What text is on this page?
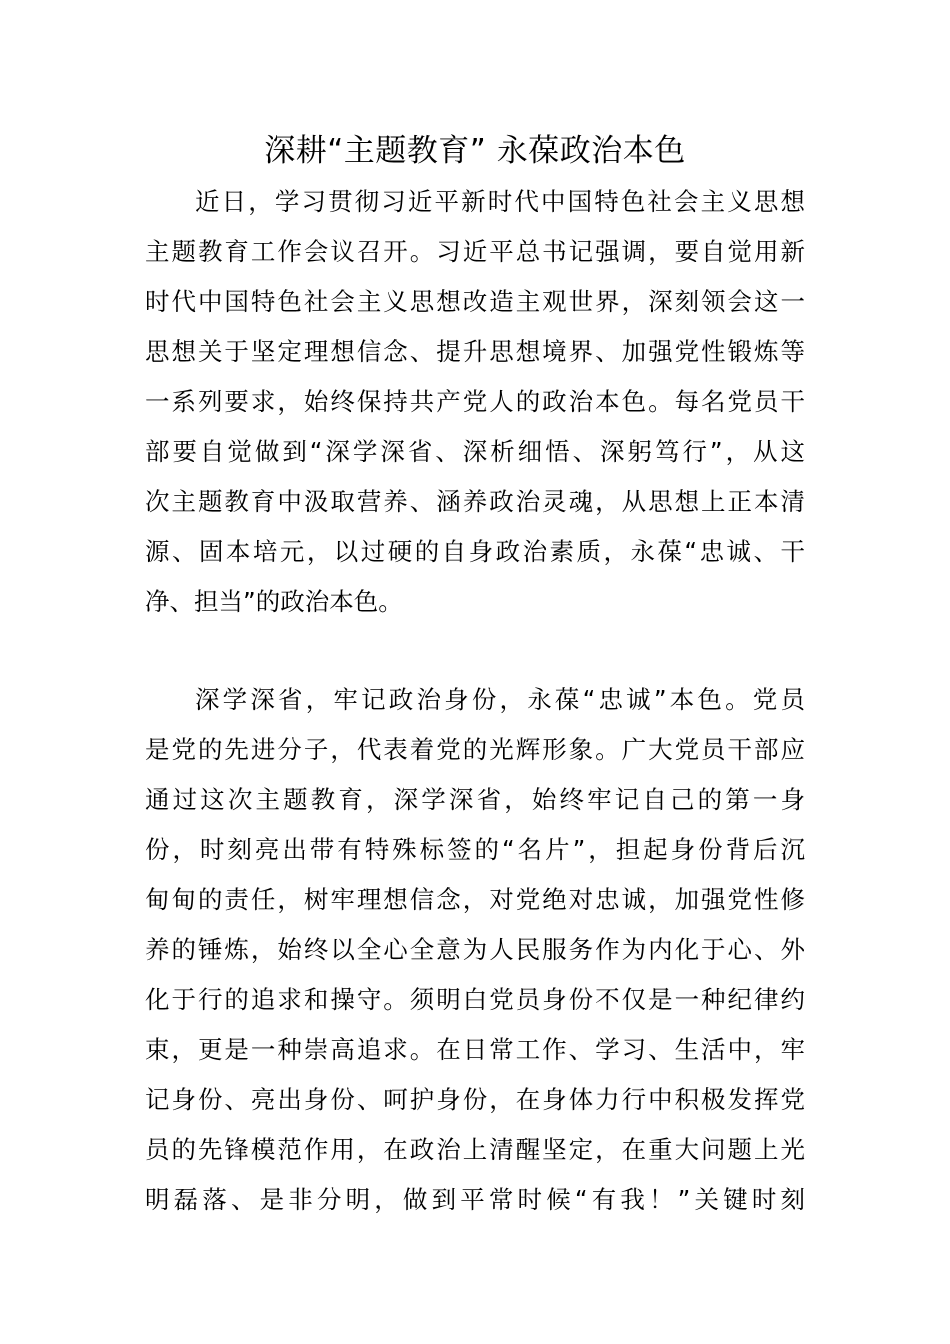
深耕“主题教育” 永葆政治本色
近日，学习贯彻习近平新时代中国特色社会主义思想
主题教育工作会议召开。习近平总书记强调，要自觉用新
时代中国特色社会主义思想改造主观世界，深刻领会这一
思想关于坚定理想信念、提升思想境界、加强党性锻炼等
一系列要求，始终保持共产党人的政治本色。每名党员干
部要自觉做到“深学深省、深析细悟、深躬笃行”，从这
次主题教育中汲取营养、涵养政治灵魂，从思想上正本清
源、固本培元，以过硬的自身政治素质，永葆“忠诚、干
净、担当”的政治本色。
深学深省，牢记政治身份，永葆“忠诚”本色。党员
是党的先进分子，代表着党的光辉形象。广大党员干部应
通过这次主题教育，深学深省，始终牢记自己的第一身
份，时刻亮出带有特殊标签的“名片”，担起身份背后沉
甸甸的责任，树牢理想信念，对党绝对忠诚，加强党性修
养的锤炼，始终以全心全意为人民服务作为内化于心、外
化于行的追求和操守。须明白党员身份不仅是一种纪律约
束，更是一种崇高追求。在日常工作、学习、生活中，牢
记身份、亮出身份、呵护身份，在身体力行中积极发挥党
员的先锋模范作用，在政治上清醒坚定，在重大问题上光
明磊落、是非分明，做到平常时候“有我！”关键时刻
